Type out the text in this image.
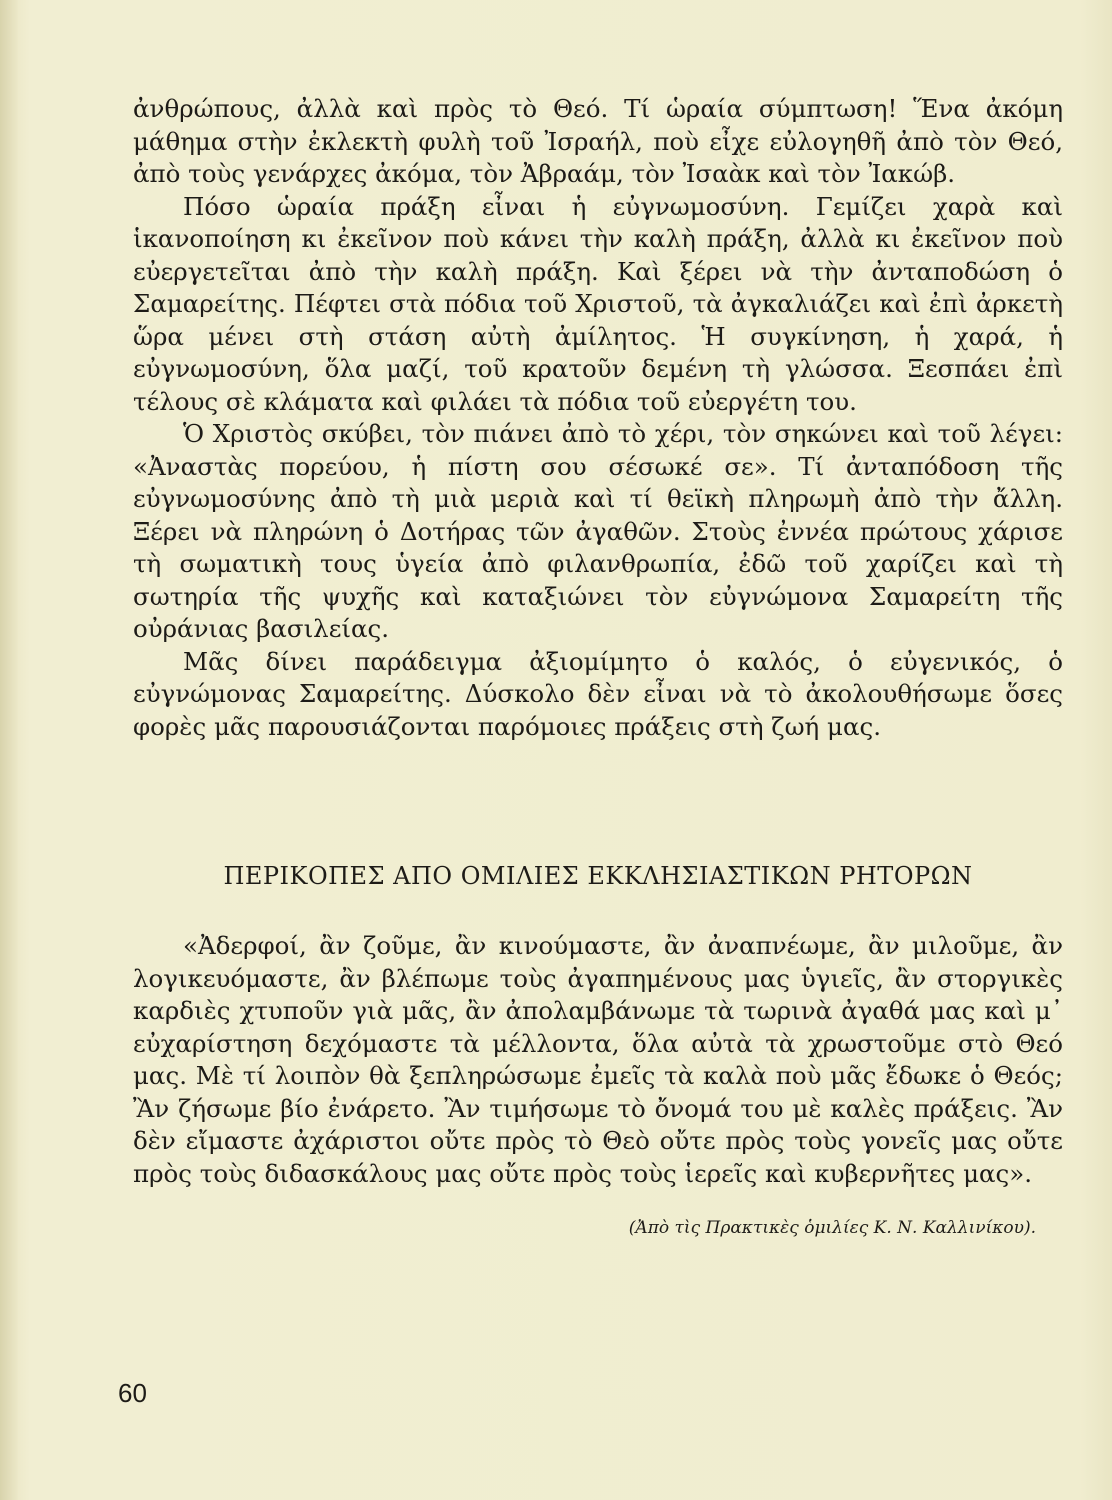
ἀνθρώπους, ἀλλὰ καὶ πρὸς τὸ Θεό. Τί ὡραία σύμπτωση! Ἕνα ἀκόμη μάθημα στὴν ἐκλεκτὴ φυλὴ τοῦ Ἰσραήλ, ποὺ εἶχε εὐλογηθῆ ἀπὸ τὸν Θεό, ἀπὸ τοὺς γενάρχες ἀκόμα, τὸν Ἀβραάμ, τὸν Ἰσαὰκ καὶ τὸν Ἰακώβ.

Πόσο ὡραία πράξη εἶναι ἡ εὐγνωμοσύνη. Γεμίζει χαρὰ καὶ ἱκανοποίηση κι ἐκεῖνον ποὺ κάνει τὴν καλὴ πράξη, ἀλλὰ κι ἐκεῖνον ποὺ εὐεργετεῖται ἀπὸ τὴν καλὴ πράξη. Καὶ ξέρει νὰ τὴν ἀνταποδώση ὁ Σαμαρείτης. Πέφτει στὰ πόδια τοῦ Χριστοῦ, τὰ ἀγκαλιάζει καὶ ἐπὶ ἀρκετὴ ὥρα μένει στὴ στάση αὐτὴ ἀμίλητος. Ἡ συγκίνηση, ἡ χαρά, ἡ εὐγνωμοσύνη, ὅλα μαζί, τοῦ κρατοῦν δεμένη τὴ γλώσσα. Ξεσπάει ἐπὶ τέλους σὲ κλάματα καὶ φιλάει τὰ πόδια τοῦ εὐεργέτη του.

Ὁ Χριστὸς σκύβει, τὸν πιάνει ἀπὸ τὸ χέρι, τὸν σηκώνει καὶ τοῦ λέγει: «Ἀναστὰς πορεύου, ἡ πίστη σου σέσωκέ σε». Τί ἀνταπόδοση τῆς εὐγνωμοσύνης ἀπὸ τὴ μιὰ μεριὰ καὶ τί θεϊκὴ πληρωμὴ ἀπὸ τὴν ἄλλη. Ξέρει νὰ πληρώνη ὁ Δοτήρας τῶν ἀγαθῶν. Στοὺς ἐννέα πρώτους χάρισε τὴ σωματικὴ τους ὑγεία ἀπὸ φιλανθρωπία, ἐδῶ τοῦ χαρίζει καὶ τὴ σωτηρία τῆς ψυχῆς καὶ καταξιώνει τὸν εὐγνώμονα Σαμαρείτη τῆς οὐράνιας βασιλείας.

Μᾶς δίνει παράδειγμα ἀξιομίμητο ὁ καλός, ὁ εὐγενικός, ὁ εὐγνώμονας Σαμαρείτης. Δύσκολο δὲν εἶναι νὰ τὸ ἀκολουθήσωμε ὅσες φορὲς μᾶς παρουσιάζονται παρόμοιες πράξεις στὴ ζωή μας.

ΠΕΡΙΚΟΠΕΣ ΑΠΟ ΟΜΙΛΙΕΣ ΕΚΚΛΗΣΙΑΣΤΙΚΩΝ ΡΗΤΟΡΩΝ

«Ἀδερφοί, ἂν ζοῦμε, ἂν κινούμαστε, ἂν ἀναπνέωμε, ἂν μιλοῦμε, ἂν λογικευόμαστε, ἂν βλέπωμε τοὺς ἀγαπημένους μας ὑγιεῖς, ἂν στοργικὲς καρδιὲς χτυποῦν γιὰ μᾶς, ἂν ἀπολαμβάνωμε τὰ τωρινὰ ἀγαθά μας καὶ μ᾿ εὐχαρίστηση δεχόμαστε τὰ μέλλοντα, ὅλα αὐτὰ τὰ χρωστοῦμε στὸ Θεό μας. Μὲ τί λοιπὸν θὰ ξεπληρώσωμε ἐμεῖς τὰ καλὰ ποὺ μᾶς ἔδωκε ὁ Θεός; Ἂν ζήσωμε βίο ἐνάρετο. Ἂν τιμήσωμε τὸ ὄνομά του μὲ καλὲς πράξεις. Ἂν δὲν εἴμαστε ἀχάριστοι οὔτε πρὸς τὸ Θεὸ οὔτε πρὸς τοὺς γονεῖς μας οὔτε πρὸς τοὺς διδασκάλους μας οὔτε πρὸς τοὺς ἱερεῖς καὶ κυβερνῆτες μας».

(Ἀπὸ τὶς Πρακτικὲς ὁμιλίες Κ. Ν. Καλλινίκου).
60
